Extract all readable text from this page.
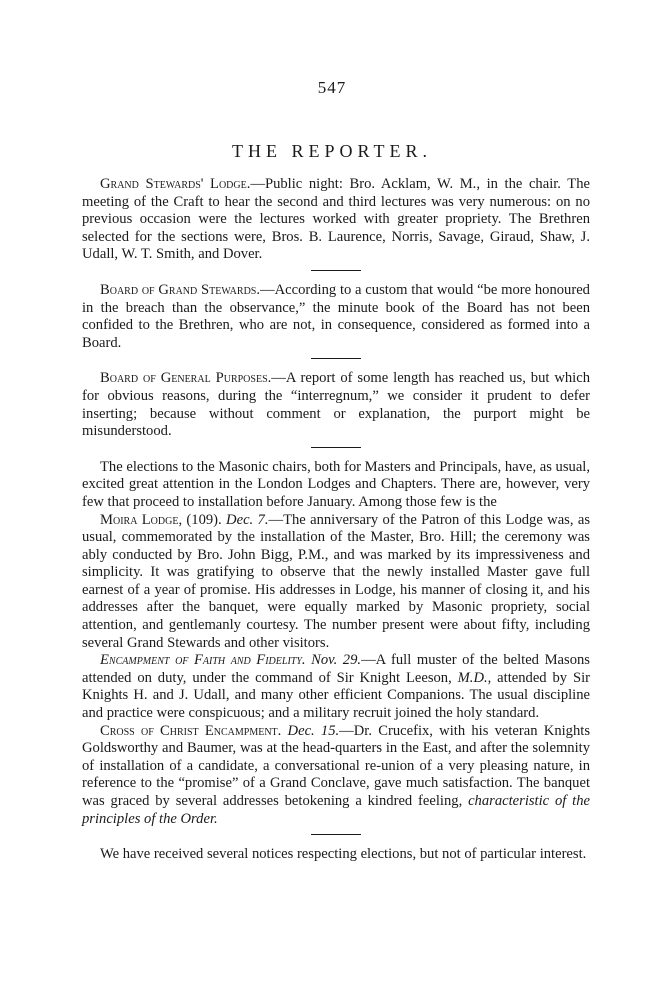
547
THE REPORTER.

Grand Stewards' Lodge.—Public night: Bro. Acklam, W. M., in the chair. The meeting of the Craft to hear the second and third lectures was very numerous: on no previous occasion were the lectures worked with greater propriety. The Brethren selected for the sections were, Bros. B. Laurence, Norris, Savage, Giraud, Shaw, J. Udall, W. T. Smith, and Dover.

Board of Grand Stewards.—According to a custom that would “be more honoured in the breach than the observance,” the minute book of the Board has not been confided to the Brethren, who are not, in consequence, considered as formed into a Board.

Board of General Purposes.—A report of some length has reached us, but which for obvious reasons, during the “interregnum,” we consider it prudent to defer inserting; because without comment or explanation, the purport might be misunderstood.

The elections to the Masonic chairs, both for Masters and Principals, have, as usual, excited great attention in the London Lodges and Chapters. There are, however, very few that proceed to installation before January. Among those few is the

Moira Lodge, (109). Dec. 7.—The anniversary of the Patron of this Lodge was, as usual, commemorated by the installation of the Master, Bro. Hill; the ceremony was ably conducted by Bro. John Bigg, P.M., and was marked by its impressiveness and simplicity. It was gratifying to observe that the newly installed Master gave full earnest of a year of promise. His addresses in Lodge, his manner of closing it, and his addresses after the banquet, were equally marked by Masonic propriety, social attention, and gentlemanly courtesy. The number present were about fifty, including several Grand Stewards and other visitors.

Encampment of Faith and Fidelity. Nov. 29.—A full muster of the belted Masons attended on duty, under the command of Sir Knight Leeson, M.D., attended by Sir Knights H. and J. Udall, and many other efficient Companions. The usual discipline and practice were conspicuous; and a military recruit joined the holy standard.

Cross of Christ Encampment. Dec. 15.—Dr. Crucefix, with his veteran Knights Goldsworthy and Baumer, was at the head-quarters in the East, and after the solemnity of installation of a candidate, a conversational re-union of a very pleasing nature, in reference to the “promise” of a Grand Conclave, gave much satisfaction. The banquet was graced by several addresses betokening a kindred feeling, characteristic of the principles of the Order.

We have received several notices respecting elections, but not of particular interest.
